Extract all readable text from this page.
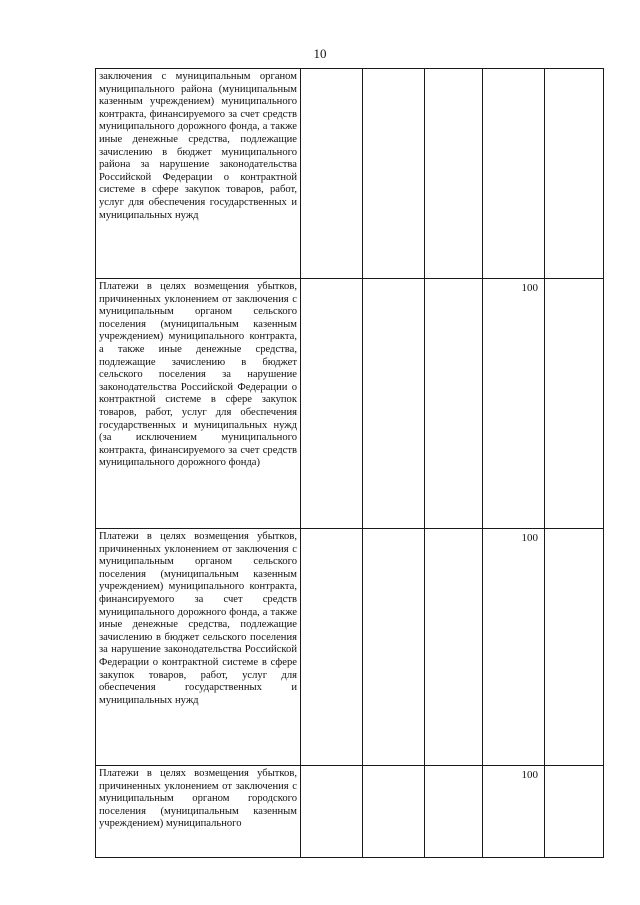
10
заключения с муниципальным органом муниципального района (муниципальным казенным учреждением) муниципального контракта, финансируемого за счет средств муниципального дорожного фонда, а также иные денежные средства, подлежащие зачислению в бюджет муниципального района за нарушение законодательства Российской Федерации о контрактной системе в сфере закупок товаров, работ, услуг для обеспечения государственных и муниципальных нужд					
Платежи в целях возмещения убытков, причиненных уклонением от заключения с муниципальным органом сельского поселения (муниципальным казенным учреждением) муниципального контракта, а также иные денежные средства, подлежащие зачислению в бюджет сельского поселения за нарушение законодательства Российской Федерации о контрактной системе в сфере закупок товаров, работ, услуг для обеспечения государственных и муниципальных нужд (за исключением муниципального контракта, финансируемого за счет средств муниципального дорожного фонда)				100	
Платежи в целях возмещения убытков, причиненных уклонением от заключения с муниципальным органом сельского поселения (муниципальным казенным учреждением) муниципального контракта, финансируемого за счет средств муниципального дорожного фонда, а также иные денежные средства, подлежащие зачислению в бюджет сельского поселения за нарушение законодательства Российской Федерации о контрактной системе в сфере закупок товаров, работ, услуг для обеспечения государственных и муниципальных нужд				100	
Платежи в целях возмещения убытков, причиненных уклонением от заключения с муниципальным органом городского поселения (муниципальным казенным учреждением) муниципального				100	
